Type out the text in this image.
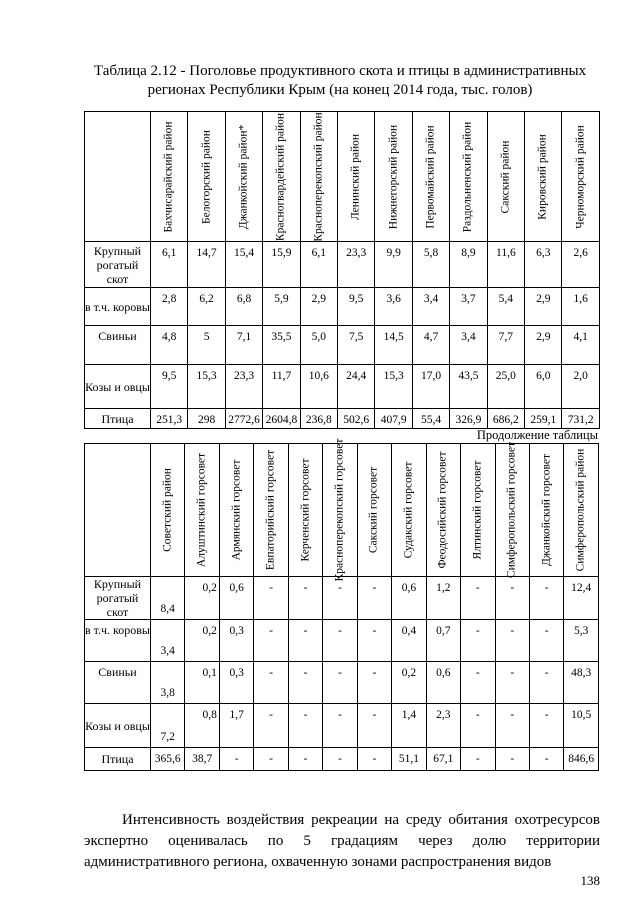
Таблица 2.12 - Поголовье продуктивного скота и птицы в административных
регионах Республики Крым (на конец 2014 года, тыс. голов)

	Бахчисарайский район	Белогорский район	Джанкойский район*	Красногвардейский район	Красноперекопский район	Ленинский район	Нижнегорский район	Первомайский район	Раздольненский район	Сакский район	Кировский район	Черноморский район

Крупный рогатый скот	6,1	14,7	15,4	15,9	6,1	23,3	9,9	5,8	8,9	11,6	6,3	2,6
в т.ч. коровы	2,8	6,2	6,8	5,9	2,9	9,5	3,6	3,4	3,7	5,4	2,9	1,6
Свиньи	4,8	5	7,1	35,5	5,0	7,5	14,5	4,7	3,4	7,7	2,9	4,1
Козы и овцы	9,5	15,3	23,3	11,7	10,6	24,4	15,3	17,0	43,5	25,0	6,0	2,0
Птица	251,3	298	2772,6	2604,8	236,8	502,6	407,9	55,4	326,9	686,2	259,1	731,2
Продолжение таблицы

	Советский район	Алуштинский горсовет	Армянский горсовет	Евпаторийский горсовет	Керченский горсовет	Красноперекопский горсовет	Сакский горсовет	Судакский горсовет	Феодосийский горсовет	Ялтинский горсовет	Симферопольский горсовет	Джанкойский горсовет	Симферопольский район

Крупный рогатый скот	8,4	0,2	0,6	-	-	-	-	0,6	1,2	-	-	-	12,4
в т.ч. коровы	3,4	0,2	0,3	-	-	-	-	0,4	0,7	-	-	-	5,3
Свиньи	3,8	0,1	0,3	-	-	-	-	0,2	0,6	-	-	-	48,3
Козы и овцы	7,2	0,8	1,7	-	-	-	-	1,4	2,3	-	-	-	10,5
Птица	365,6	38,7	-	-	-	-	-	51,1	67,1	-	-	-	846,6

Интенсивность воздействия рекреации на среду обитания охотресурсов экспертно оценивалась по 5 градациям через долю территории административного региона, охваченную зонами распространения видов

138
